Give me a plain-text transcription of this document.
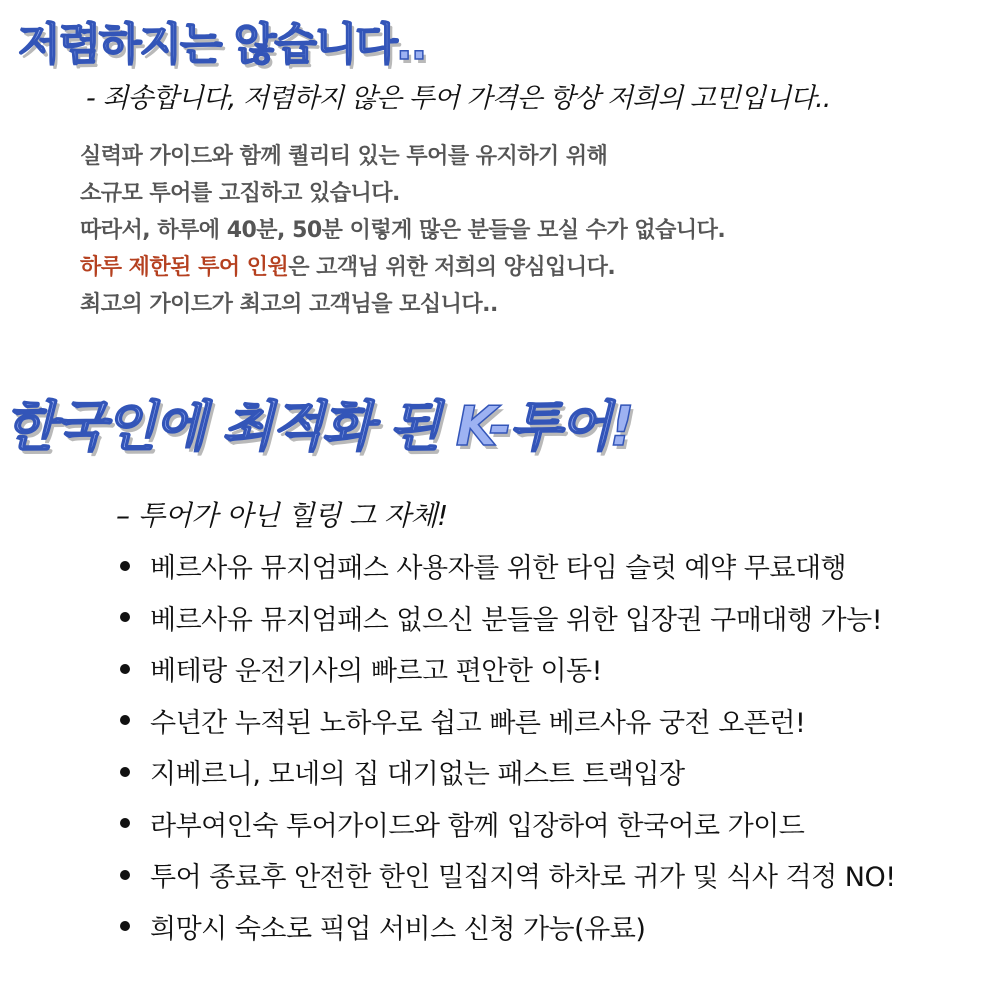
저렴하지는 않습니다..

- 죄송합니다, 저렴하지 않은 투어 가격은 항상 저희의 고민입니다..

실력파 가이드와 함께 퀄리티 있는 투어를 유지하기 위해
소규모 투어를 고집하고 있습니다.
따라서, 하루에 40분, 50분 이렇게 많은 분들을 모실 수가 없습니다.
하루 제한된 투어 인원은 고객님 위한 저희의 양심입니다.
최고의 가이드가 최고의 고객님을 모십니다..
한국인에 최적화 된 K-투어!
– 투어가 아닌 힐링 그 자체!
베르사유 뮤지엄패스 사용자를 위한 타임 슬럿 예약 무료대행
베르사유 뮤지엄패스 없으신 분들을 위한 입장권 구매대행 가능!
베테랑 운전기사의 빠르고 편안한 이동!
수년간 누적된 노하우로 쉽고 빠른 베르사유 궁전 오픈런!
지베르니, 모네의 집 대기없는 패스트 트랙입장
라부여인숙 투어가이드와 함께 입장하여 한국어로 가이드
투어 종료후 안전한 한인 밀집지역 하차로 귀가 및 식사 걱정 NO!
희망시 숙소로 픽업 서비스 신청 가능(유료)
